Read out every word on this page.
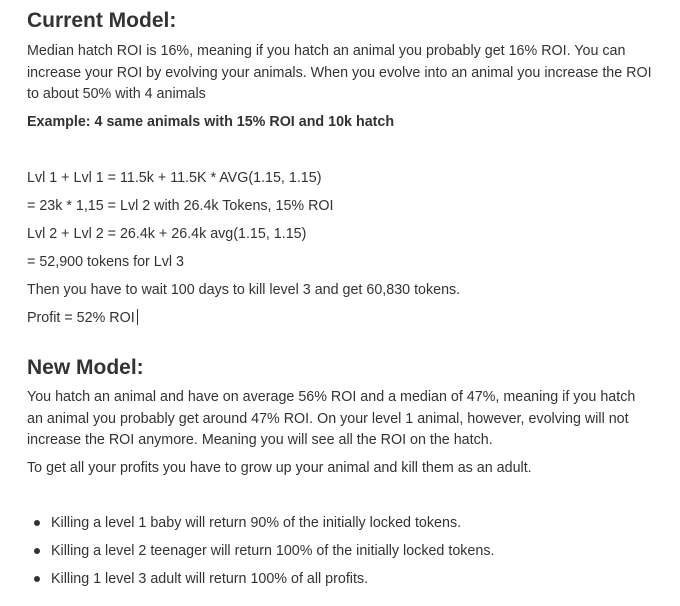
Current Model:

Median hatch ROI is 16%, meaning if you hatch an animal you probably get 16% ROI. You can

increase your ROI by evolving your animals. When you evolve into an animal you increase the ROI

to about 50% with 4 animals

Example: 4 same animals with 15% ROI and 10k hatch

Lvl 1 + Lvl 1 = 11.5k + 11.5K * AVG(1.15, 1.15)

= 23k * 1,15 = Lvl 2 with 26.4k Tokens, 15% ROI

Lvl 2 + Lvl 2 = 26.4k + 26.4k avg(1.15, 1.15)

= 52,900 tokens for Lvl 3

Then you have to wait 100 days to kill level 3 and get 60,830 tokens.

Profit = 52% ROI

New Model:

You hatch an animal and have on average 56% ROI and a median of 47%, meaning if you hatch

an animal you probably get around 47% ROI. On your level 1 animal, however, evolving will not

increase the ROI anymore. Meaning you will see all the ROI on the hatch.

To get all your profits you have to grow up your animal and kill them as an adult.

Killing a level 1 baby will return 90% of the initially locked tokens.
Killing a level 2 teenager will return 100% of the initially locked tokens.
Killing 1 level 3 adult will return 100% of all profits.
